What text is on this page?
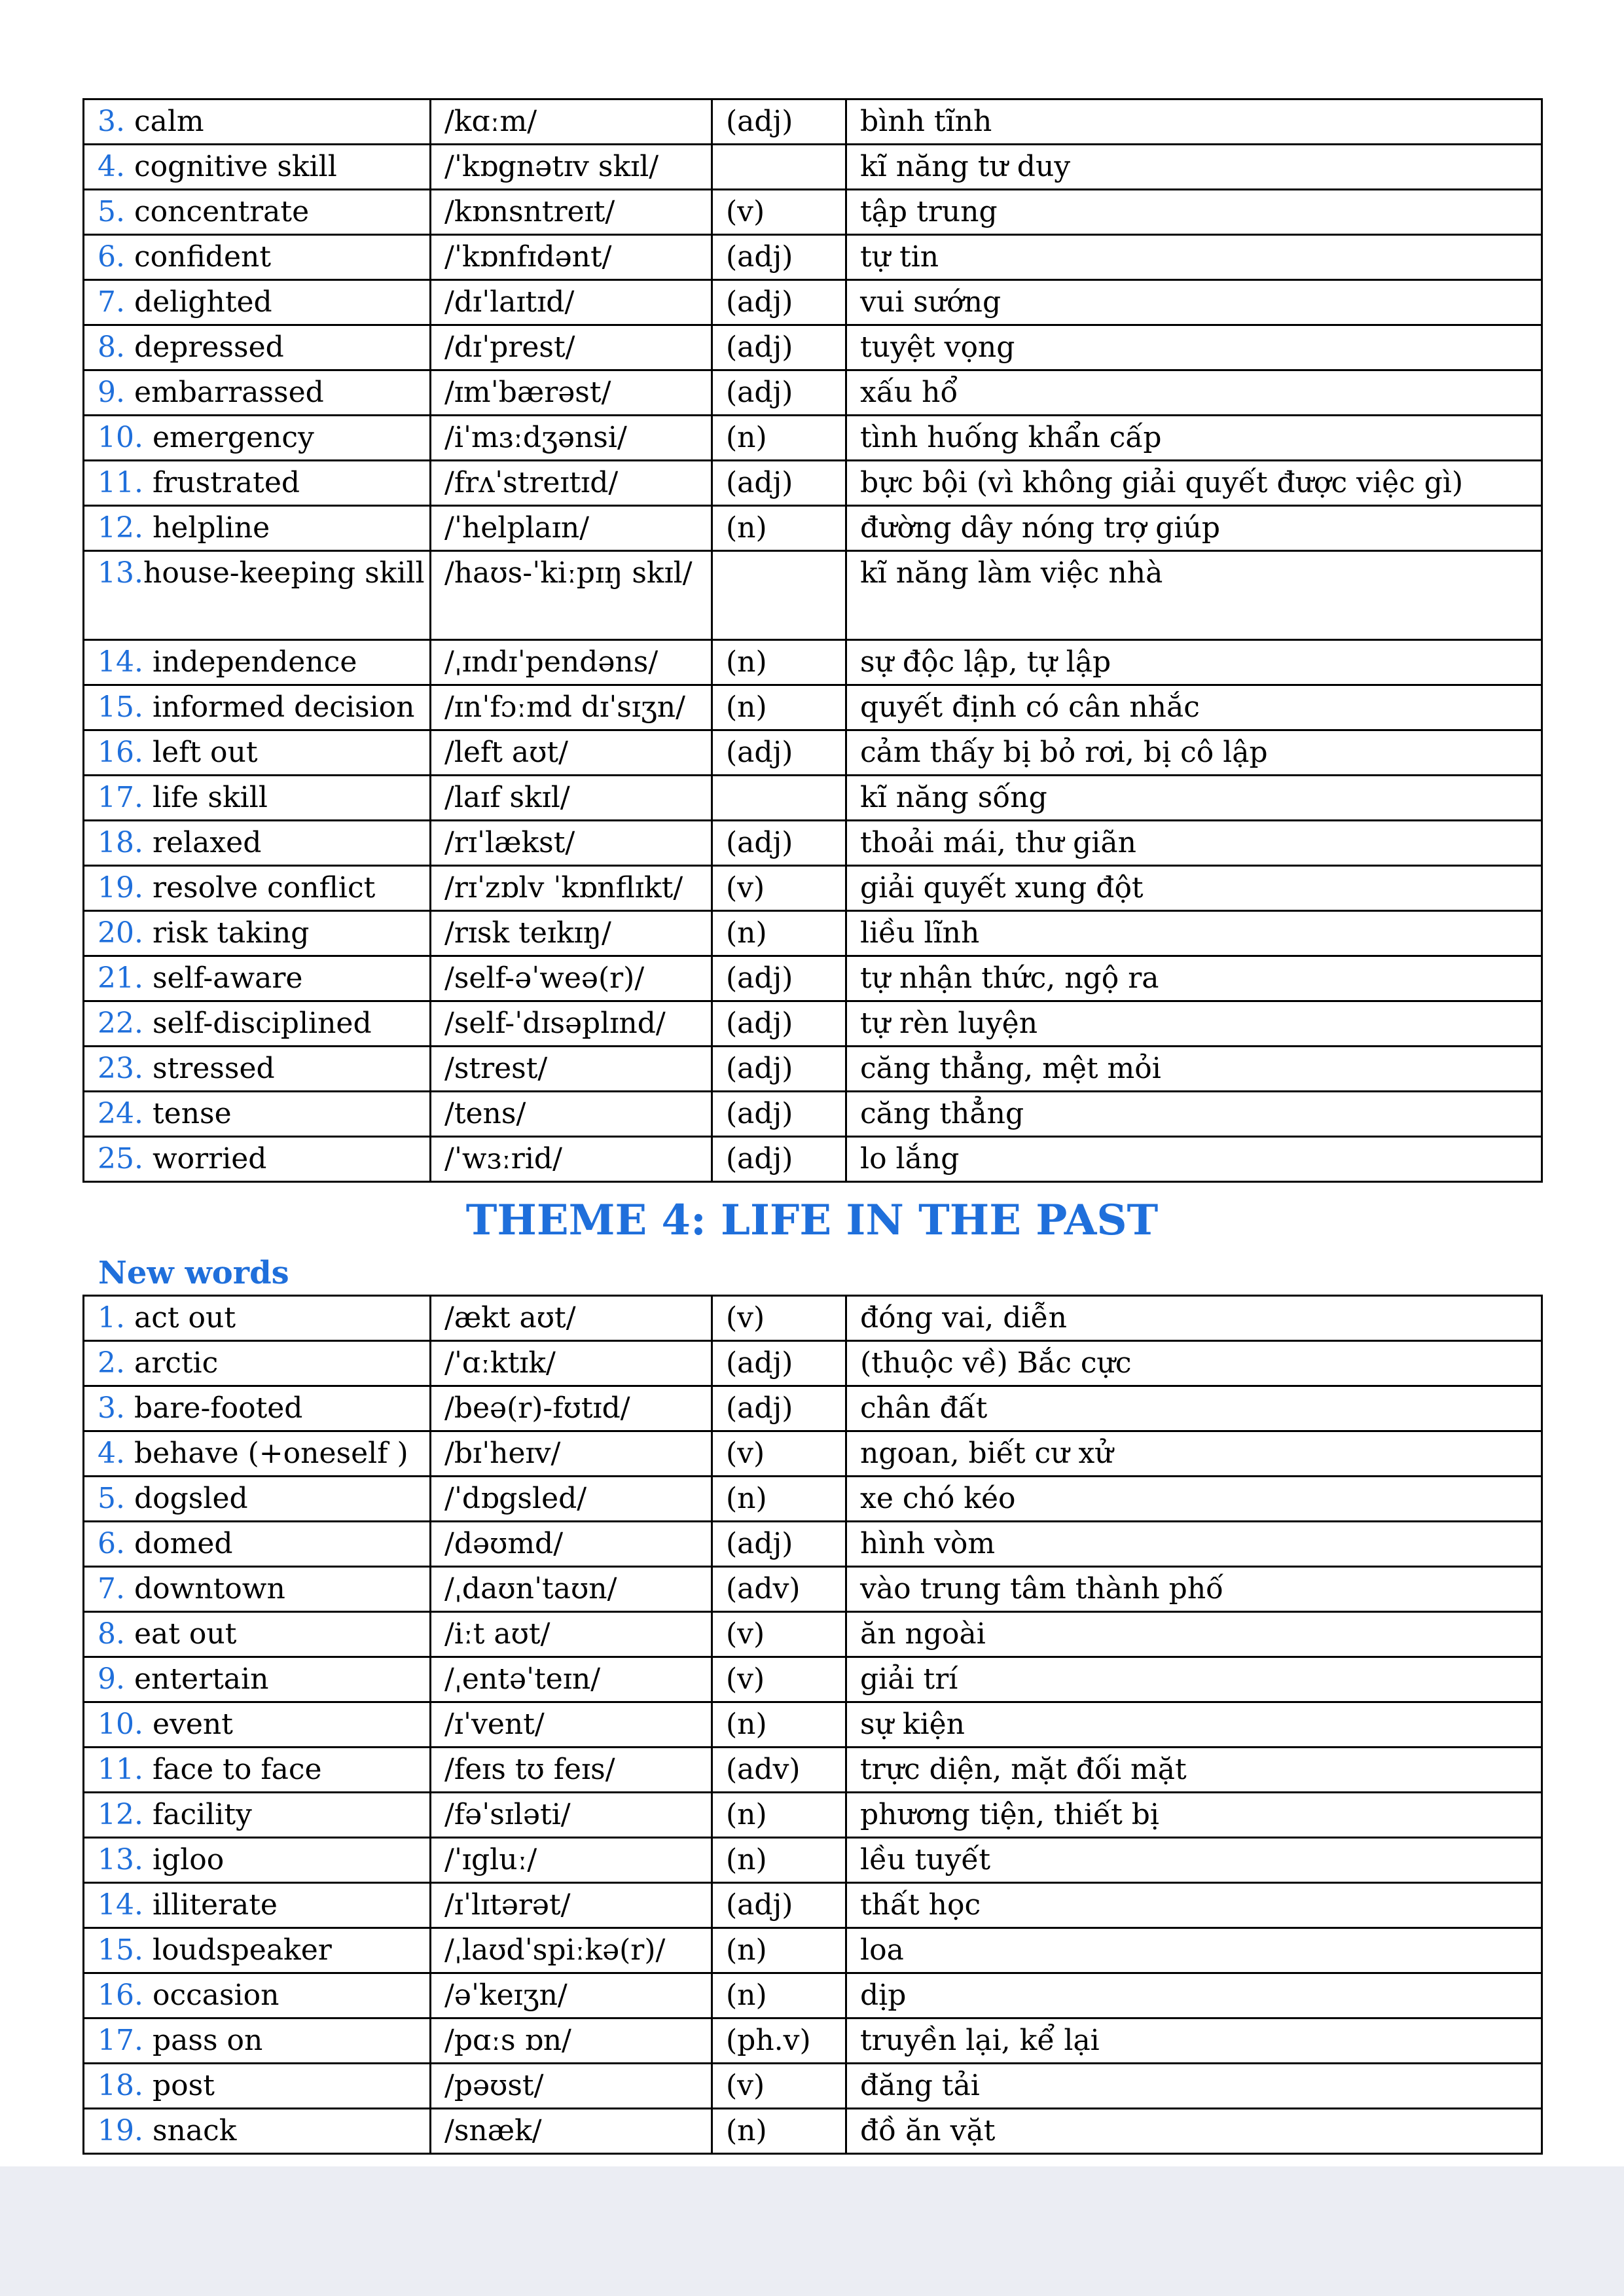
3. calm	/kɑːm/	(adj)	bình tĩnh
4. cognitive skill	/ˈkɒgnətɪv skɪl/		kĩ năng tư duy
5. concentrate	/kɒnsntreɪt/	(v)	tập trung
6. confident	/ˈkɒnfɪdənt/	(adj)	tự tin
7. delighted	/dɪˈlaɪtɪd/	(adj)	vui sướng
8. depressed	/dɪˈprest/	(adj)	tuyệt vọng
9. embarrassed	/ɪmˈbærəst/	(adj)	xấu hổ
10. emergency	/iˈmɜːdʒənsi/	(n)	tình huống khẩn cấp
11. frustrated	/frʌˈstreɪtɪd/	(adj)	bực bội (vì không giải quyết được việc gì)
12. helpline	/ˈhelplaɪn/	(n)	đường dây nóng trợ giúp
13.house-keeping skill	/haʊs-ˈkiːpɪŋ skɪl/		kĩ năng làm việc nhà
14. independence	/ˌɪndɪˈpendəns/	(n)	sự độc lập, tự lập
15. informed decision	/ɪnˈfɔːmd dɪˈsɪʒn/	(n)	quyết định có cân nhắc
16. left out	/left aʊt/	(adj)	cảm thấy bị bỏ rơi, bị cô lập
17. life skill	/laɪf skɪl/		kĩ năng sống
18. relaxed	/rɪˈlækst/	(adj)	thoải mái, thư giãn
19. resolve conflict	/rɪˈzɒlv ˈkɒnflɪkt/	(v)	giải quyết xung đột
20. risk taking	/rɪsk teɪkɪŋ/	(n)	liều lĩnh
21. self-aware	/self-əˈweə(r)/	(adj)	tự nhận thức, ngộ ra
22. self-disciplined	/self-ˈdɪsəplɪnd/	(adj)	tự rèn luyện
23. stressed	/strest/	(adj)	căng thẳng, mệt mỏi
24. tense	/tens/	(adj)	căng thẳng
25. worried	/ˈwɜːrid/	(adj)	lo lắng
THEME 4: LIFE IN THE PAST
New words
1. act out	/ækt aʊt/	(v)	đóng vai, diễn
2. arctic	/ˈɑːktɪk/	(adj)	(thuộc về) Bắc cực
3. bare-footed	/beə(r)-fʊtɪd/	(adj)	chân đất
4. behave (+oneself )	/bɪˈheɪv/	(v)	ngoan, biết cư xử
5. dogsled	/ˈdɒgsled/	(n)	xe chó kéo
6. domed	/dəʊmd/	(adj)	hình vòm
7. downtown	/ˌdaʊnˈtaʊn/	(adv)	vào trung tâm thành phố
8. eat out	/iːt aʊt/	(v)	ăn ngoài
9. entertain	/ˌentəˈteɪn/	(v)	giải trí
10. event	/ɪˈvent/	(n)	sự kiện
11. face to face	/feɪs tʊ feɪs/	(adv)	trực diện, mặt đối mặt
12. facility	/fəˈsɪləti/	(n)	phương tiện, thiết bị
13. igloo	/ˈɪgluː/	(n)	lều tuyết
14. illiterate	/ɪˈlɪtərət/	(adj)	thất học
15. loudspeaker	/ˌlaʊdˈspiːkə(r)/	(n)	loa
16. occasion	/əˈkeɪʒn/	(n)	dịp
17. pass on	/pɑːs ɒn/	(ph.v)	truyền lại, kể lại
18. post	/pəʊst/	(v)	đăng tải
19. snack	/snæk/	(n)	đồ ăn vặt
